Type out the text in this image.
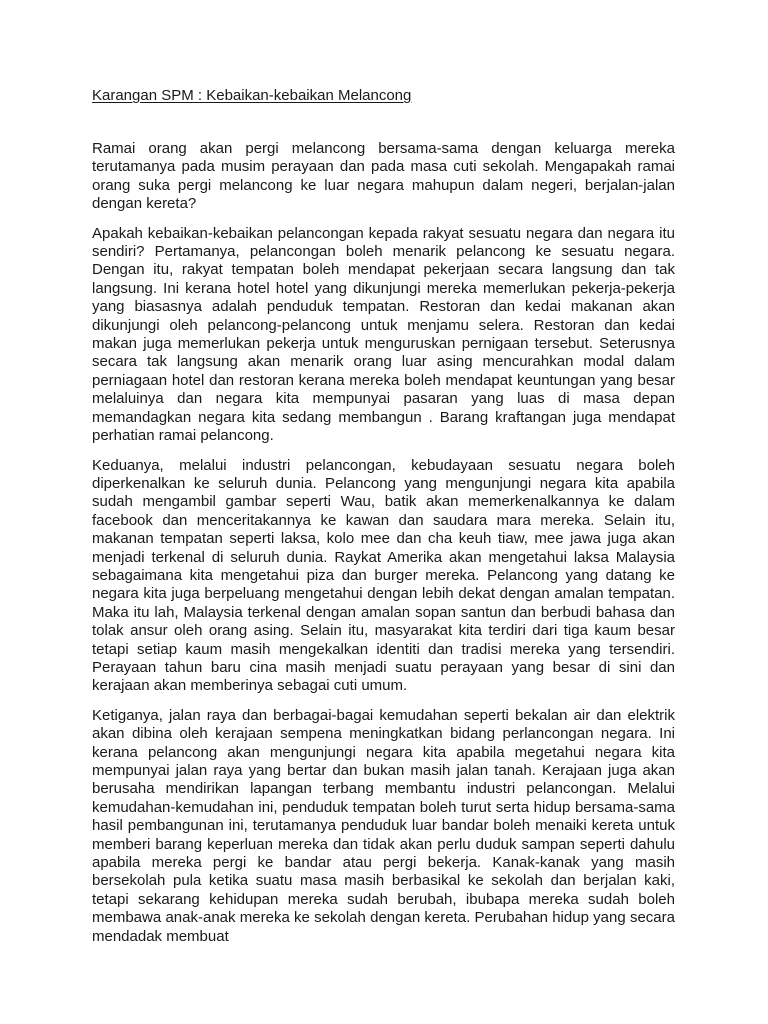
Karangan SPM : Kebaikan-kebaikan Melancong

Ramai orang akan pergi melancong bersama-sama dengan keluarga mereka terutamanya pada musim perayaan dan pada masa cuti sekolah. Mengapakah ramai orang suka pergi melancong ke luar negara mahupun dalam negeri, berjalan-jalan dengan kereta?

Apakah kebaikan-kebaikan pelancongan kepada rakyat sesuatu negara dan negara itu sendiri? Pertamanya, pelancongan boleh menarik pelancong ke sesuatu negara. Dengan itu, rakyat tempatan boleh mendapat pekerjaan secara langsung dan tak langsung. Ini kerana hotel hotel yang dikunjungi mereka memerlukan pekerja-pekerja yang biasasnya adalah penduduk tempatan. Restoran dan kedai makanan akan dikunjungi oleh pelancong-pelancong untuk menjamu selera. Restoran dan kedai makan juga memerlukan pekerja untuk menguruskan pernigaan tersebut. Seterusnya secara tak langsung akan menarik orang luar asing mencurahkan modal dalam perniagaan hotel dan restoran kerana mereka boleh mendapat keuntungan yang besar melaluinya dan negara kita mempunyai pasaran yang luas di masa depan memandagkan negara kita sedang membangun . Barang kraftangan juga mendapat perhatian ramai pelancong.

Keduanya, melalui industri pelancongan, kebudayaan sesuatu negara boleh diperkenalkan ke seluruh dunia. Pelancong yang mengunjungi negara kita apabila sudah mengambil gambar seperti Wau, batik akan memerkenalkannya ke dalam facebook dan menceritakannya ke kawan dan saudara mara mereka. Selain itu, makanan tempatan seperti laksa, kolo mee dan cha keuh tiaw, mee jawa juga akan menjadi terkenal di seluruh dunia. Raykat Amerika akan mengetahui laksa Malaysia sebagaimana kita mengetahui piza dan burger mereka. Pelancong yang datang ke negara kita juga berpeluang mengetahui dengan lebih dekat dengan amalan tempatan. Maka itu lah, Malaysia terkenal dengan amalan sopan santun dan berbudi bahasa dan tolak ansur oleh orang asing. Selain itu, masyarakat kita terdiri dari tiga kaum besar tetapi setiap kaum masih mengekalkan identiti dan tradisi mereka yang tersendiri. Perayaan tahun baru cina masih menjadi suatu perayaan yang besar di sini dan kerajaan akan memberinya sebagai cuti umum.

Ketiganya, jalan raya dan berbagai-bagai kemudahan seperti bekalan air dan elektrik akan dibina oleh kerajaan sempena meningkatkan bidang perlancongan negara. Ini kerana pelancong akan mengunjungi negara kita apabila megetahui negara kita mempunyai jalan raya yang bertar dan bukan masih jalan tanah. Kerajaan juga akan berusaha mendirikan lapangan terbang membantu industri pelancongan. Melalui kemudahan-kemudahan ini, penduduk tempatan boleh turut serta hidup bersama-sama hasil pembangunan ini, terutamanya penduduk luar bandar boleh menaiki kereta untuk memberi barang keperluan mereka dan tidak akan perlu duduk sampan seperti dahulu apabila mereka pergi ke bandar atau pergi bekerja. Kanak-kanak yang masih bersekolah pula ketika suatu masa masih berbasikal ke sekolah dan berjalan kaki, tetapi sekarang kehidupan mereka sudah berubah, ibubapa mereka sudah boleh membawa anak-anak mereka ke sekolah dengan kereta. Perubahan hidup yang secara mendadak membuat
